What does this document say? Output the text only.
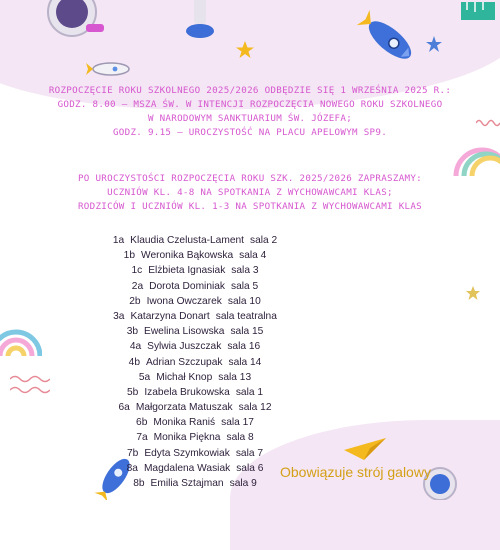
ROZPOCZĘCIE ROKU SZKOLNEGO 2025/2026 ODBĘDZIE SIĘ 1 WRZEŚNIA 2025 R.:

GODZ. 8.00 – MSZA ŚW. W INTENCJI ROZPOCZĘCIA NOWEGO ROKU SZKOLNEGO

W NARODOWYM SANKTUARIUM ŚW. JÓZEFA;

GODZ. 9.15 — UROCZYSTOŚĆ NA PLACU APELOWYM SP9.

PO UROCZYSTOŚCI ROZPOCZĘCIA ROKU SZK. 2025/2026 ZAPRASZAMY:

UCZNIÓW KL. 4-8 NA SPOTKANIA Z WYCHOWAWCAMI KLAS;

RODZICÓW I UCZNIÓW KL. 1-3 NA SPOTKANIA Z WYCHOWAWCAMI KLAS

1a Klaudia Czelusta-Lament sala 2
1b Weronika Bąkowska sala 4
1c Elżbieta Ignasiak sala 3
2a Dorota Dominiak sala 5
2b Iwona Owczarek sala 10
3a Katarzyna Donart sala teatralna
3b Ewelina Lisowska sala 15
4a Sylwia Juszczak sala 16
4b Adrian Szczupak sala 14
5a Michał Knop sala 13
5b Izabela Brukowska sala 1
6a Małgorzata Matuszak sala 12
6b Monika Raniś sala 17
7a Monika Piękna sala 8
7b Edyta Szymkowiak sala 7
8a Magdalena Wasiak sala 6
8b Emilia Sztajman sala 9
Obowiązuje strój galowy
